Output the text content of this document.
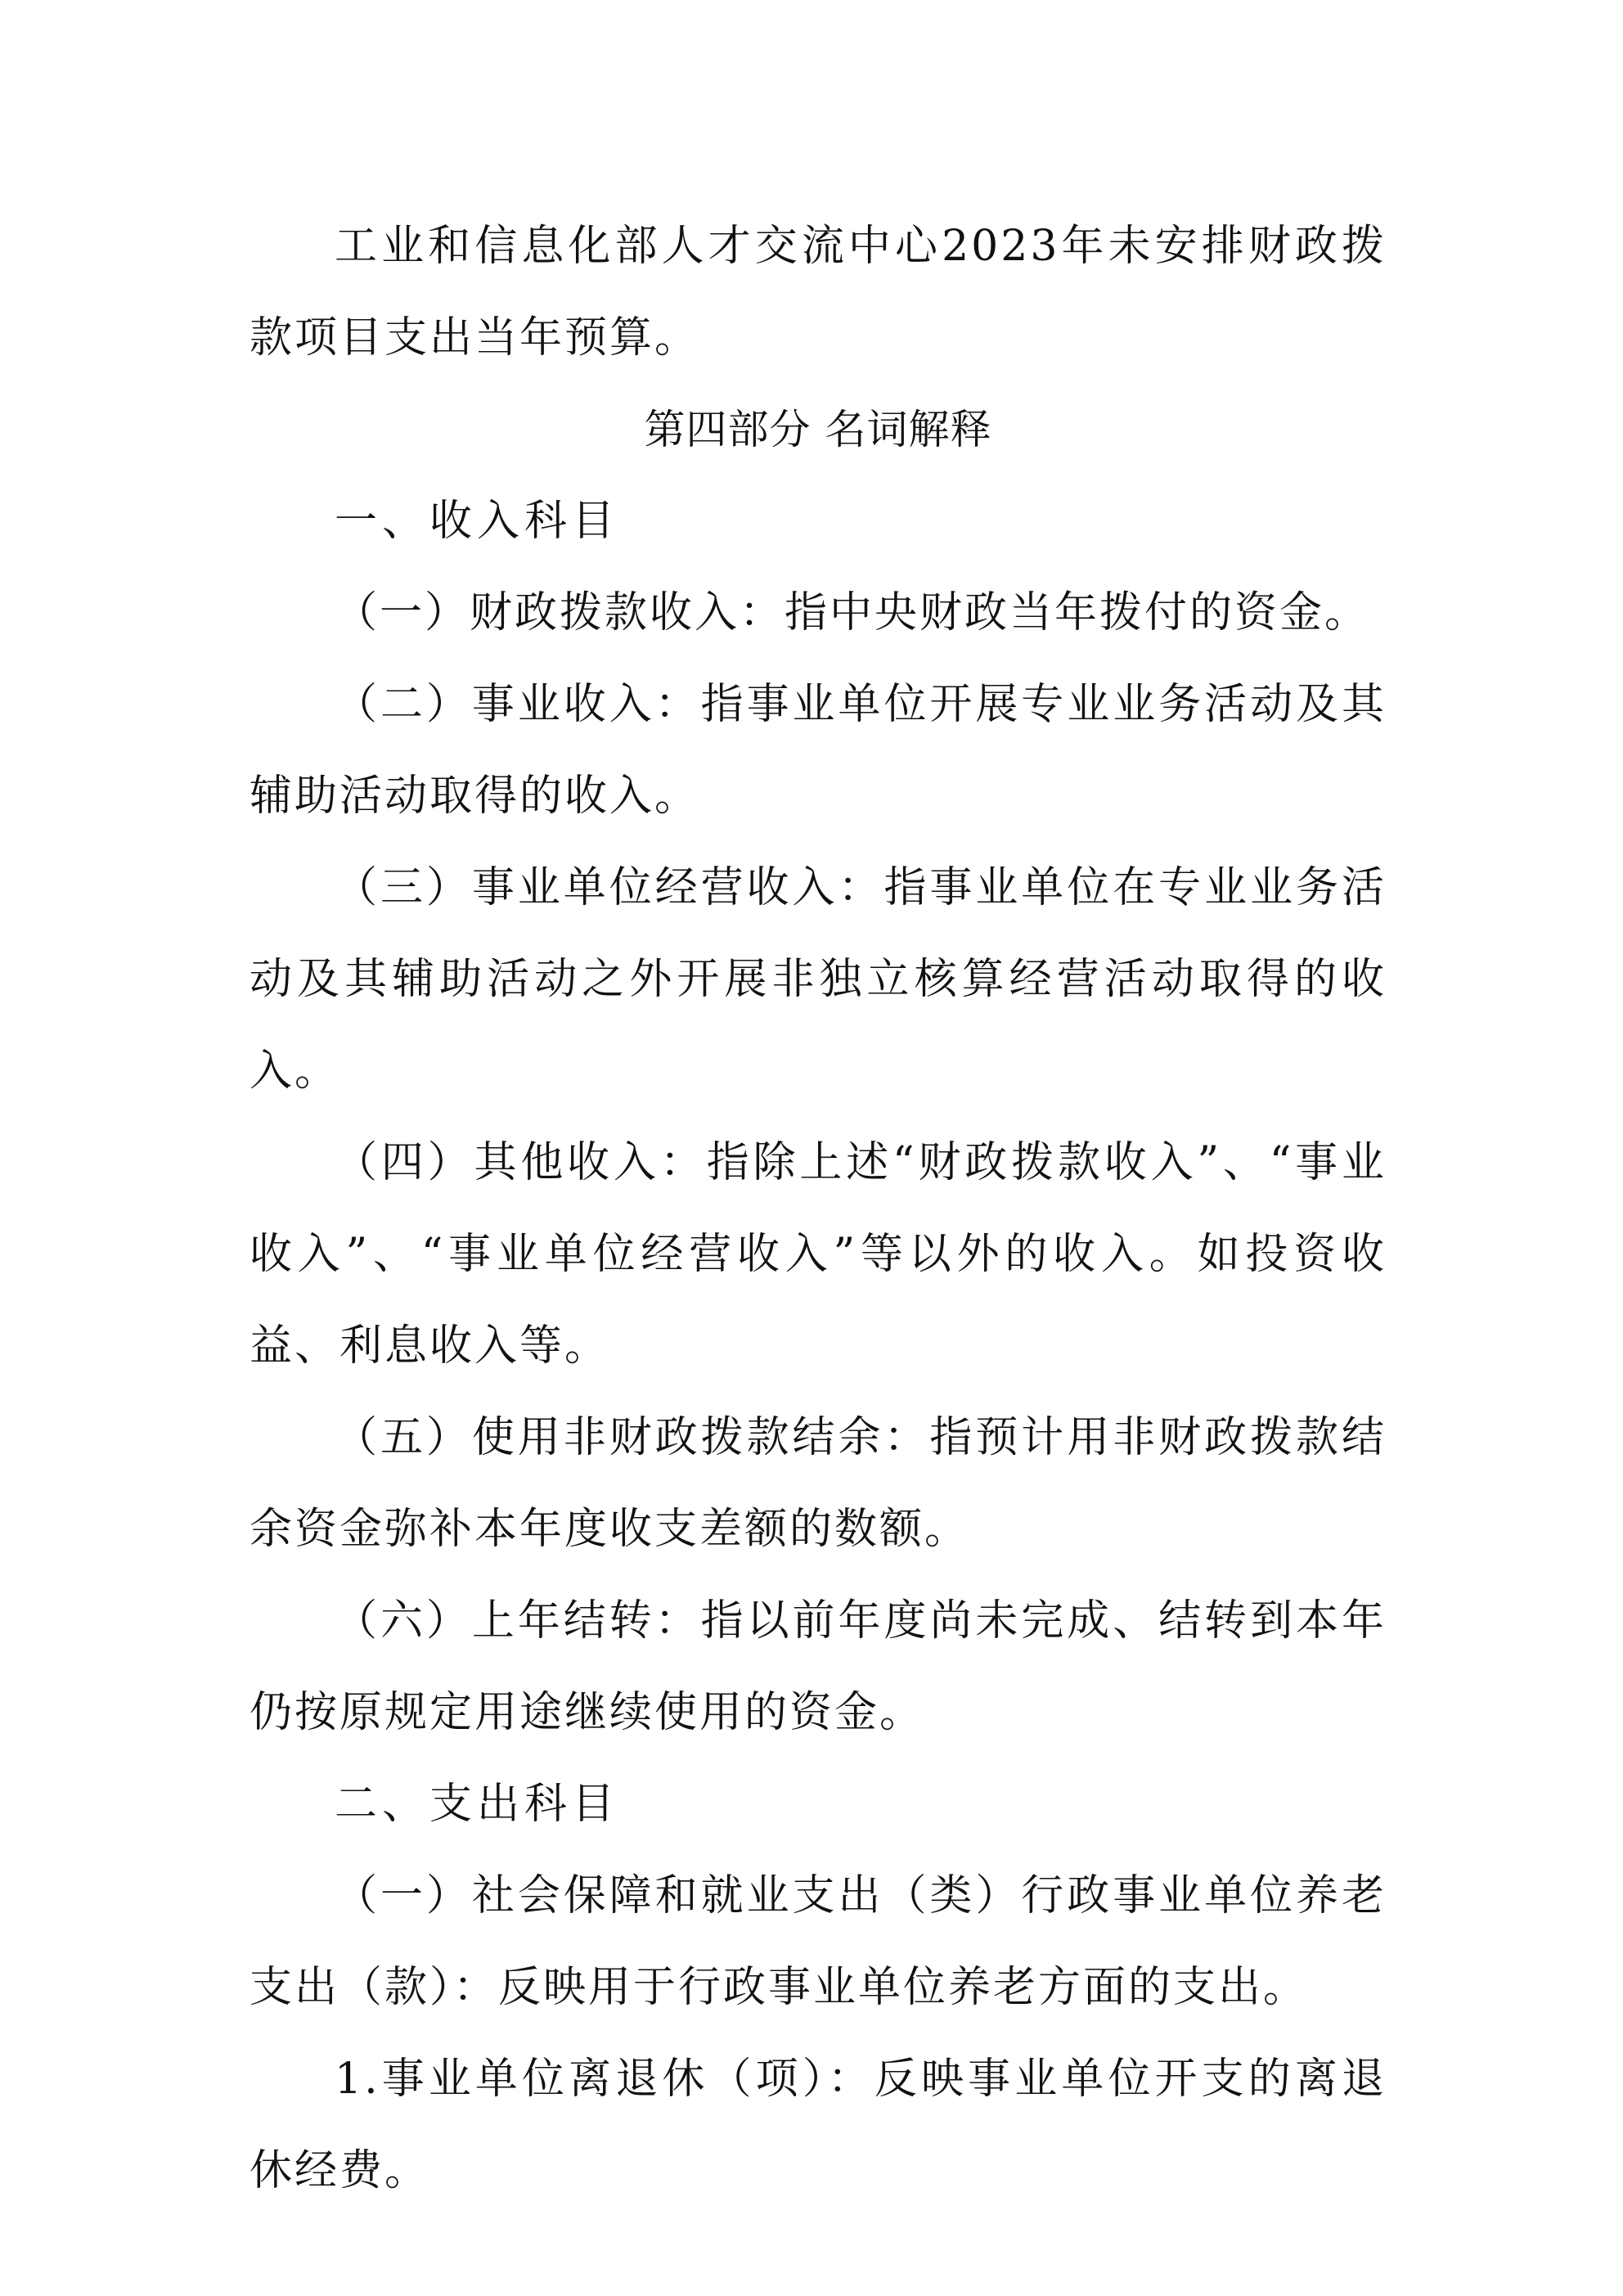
工业和信息化部人才交流中心2023年未安排财政拨款项目支出当年预算。

第四部分 名词解释

一、收入科目

（一）财政拨款收入：指中央财政当年拨付的资金。

（二）事业收入：指事业单位开展专业业务活动及其辅助活动取得的收入。

（三）事业单位经营收入：指事业单位在专业业务活动及其辅助活动之外开展非独立核算经营活动取得的收入。

（四）其他收入：指除上述“财政拨款收入”、“事业收入”、“事业单位经营收入”等以外的收入。如投资收益、利息收入等。

（五）使用非财政拨款结余：指预计用非财政拨款结余资金弥补本年度收支差额的数额。

（六）上年结转：指以前年度尚未完成、结转到本年仍按原规定用途继续使用的资金。

二、支出科目

（一）社会保障和就业支出（类）行政事业单位养老支出（款）：反映用于行政事业单位养老方面的支出。

1.事业单位离退休（项）：反映事业单位开支的离退休经费。
